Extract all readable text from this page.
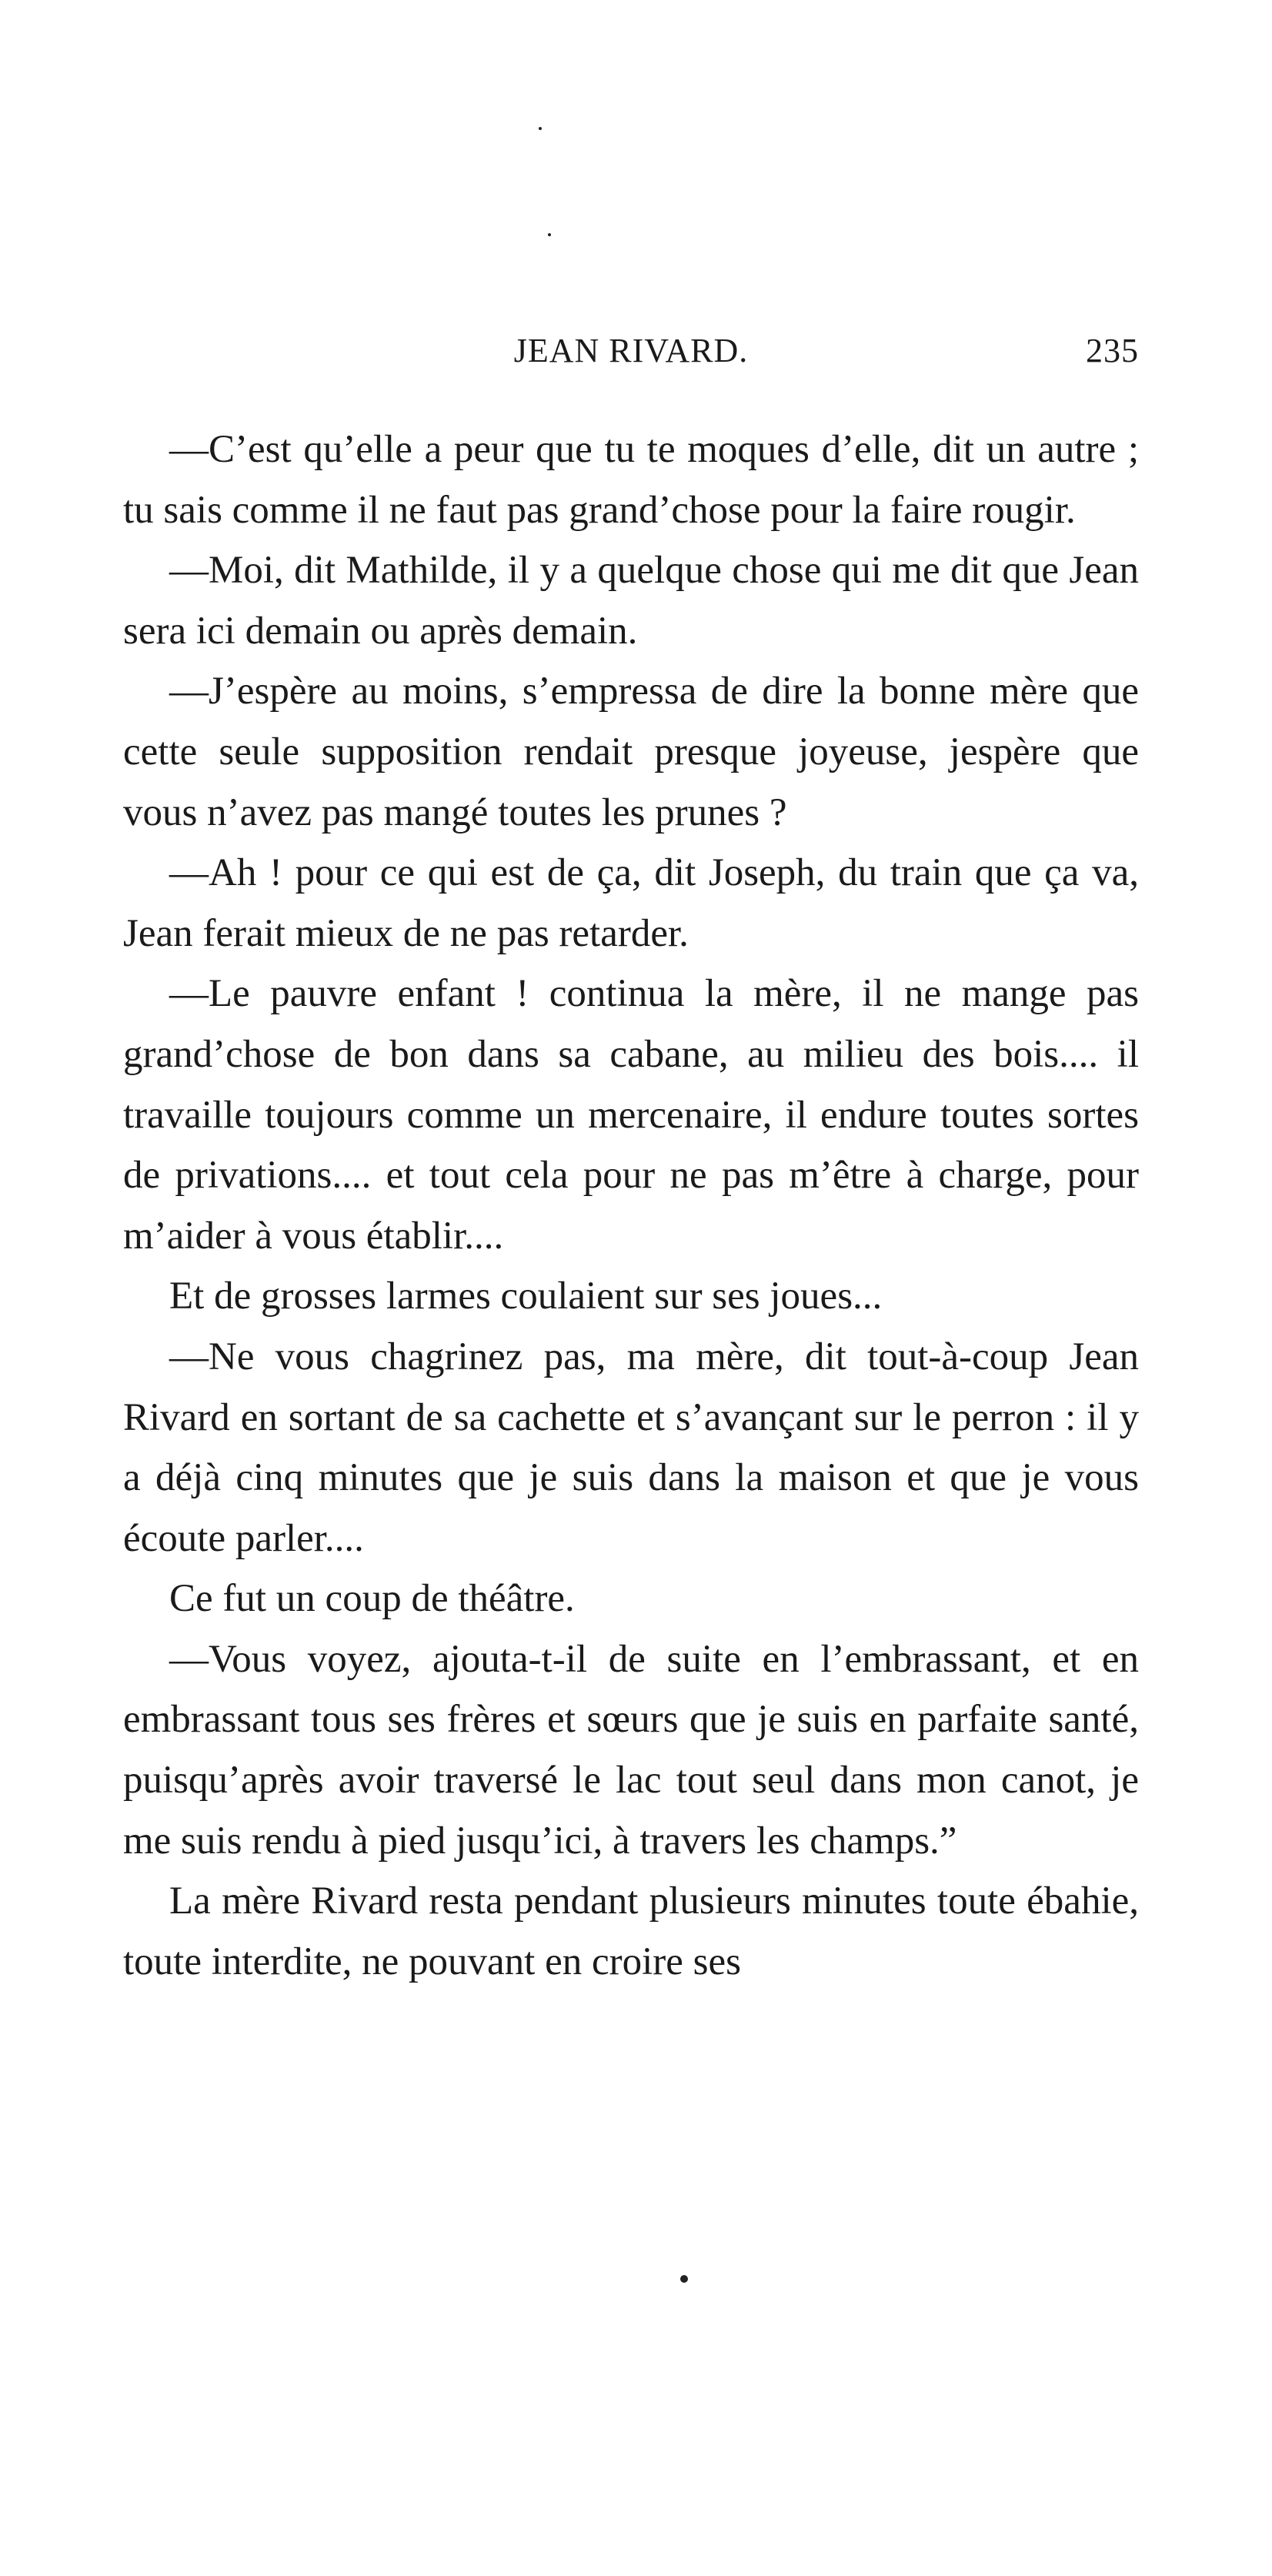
JEAN RIVARD.	235

—C’est qu’elle a peur que tu te moques d’elle, dit un autre ; tu sais comme il ne faut pas grand’chose pour la faire rougir.

—Moi, dit Mathilde, il y a quelque chose qui me dit que Jean sera ici demain ou après demain.

—J’espère au moins, s’empressa de dire la bonne mère que cette seule supposition rendait presque joyeuse, jespère que vous n’avez pas mangé toutes les prunes ?

—Ah ! pour ce qui est de ça, dit Joseph, du train que ça va, Jean ferait mieux de ne pas retarder.

—Le pauvre enfant ! continua la mère, il ne mange pas grand’chose de bon dans sa cabane, au milieu des bois.... il travaille toujours comme un mercenaire, il endure toutes sortes de privations.... et tout cela pour ne pas m’être à charge, pour m’aider à vous établir....

Et de grosses larmes coulaient sur ses joues...

—Ne vous chagrinez pas, ma mère, dit tout-à-coup Jean Rivard en sortant de sa cachette et s’avançant sur le perron : il y a déjà cinq minutes que je suis dans la maison et que je vous écoute parler....

Ce fut un coup de théâtre.

—Vous voyez, ajouta-t-il de suite en l’embrassant, et en embrassant tous ses frères et sœurs que je suis en parfaite santé, puisqu’après avoir traversé le lac tout seul dans mon canot, je me suis rendu à pied jusqu’ici, à travers les champs.”

La mère Rivard resta pendant plusieurs minutes toute ébahie, toute interdite, ne pouvant en croire ses
